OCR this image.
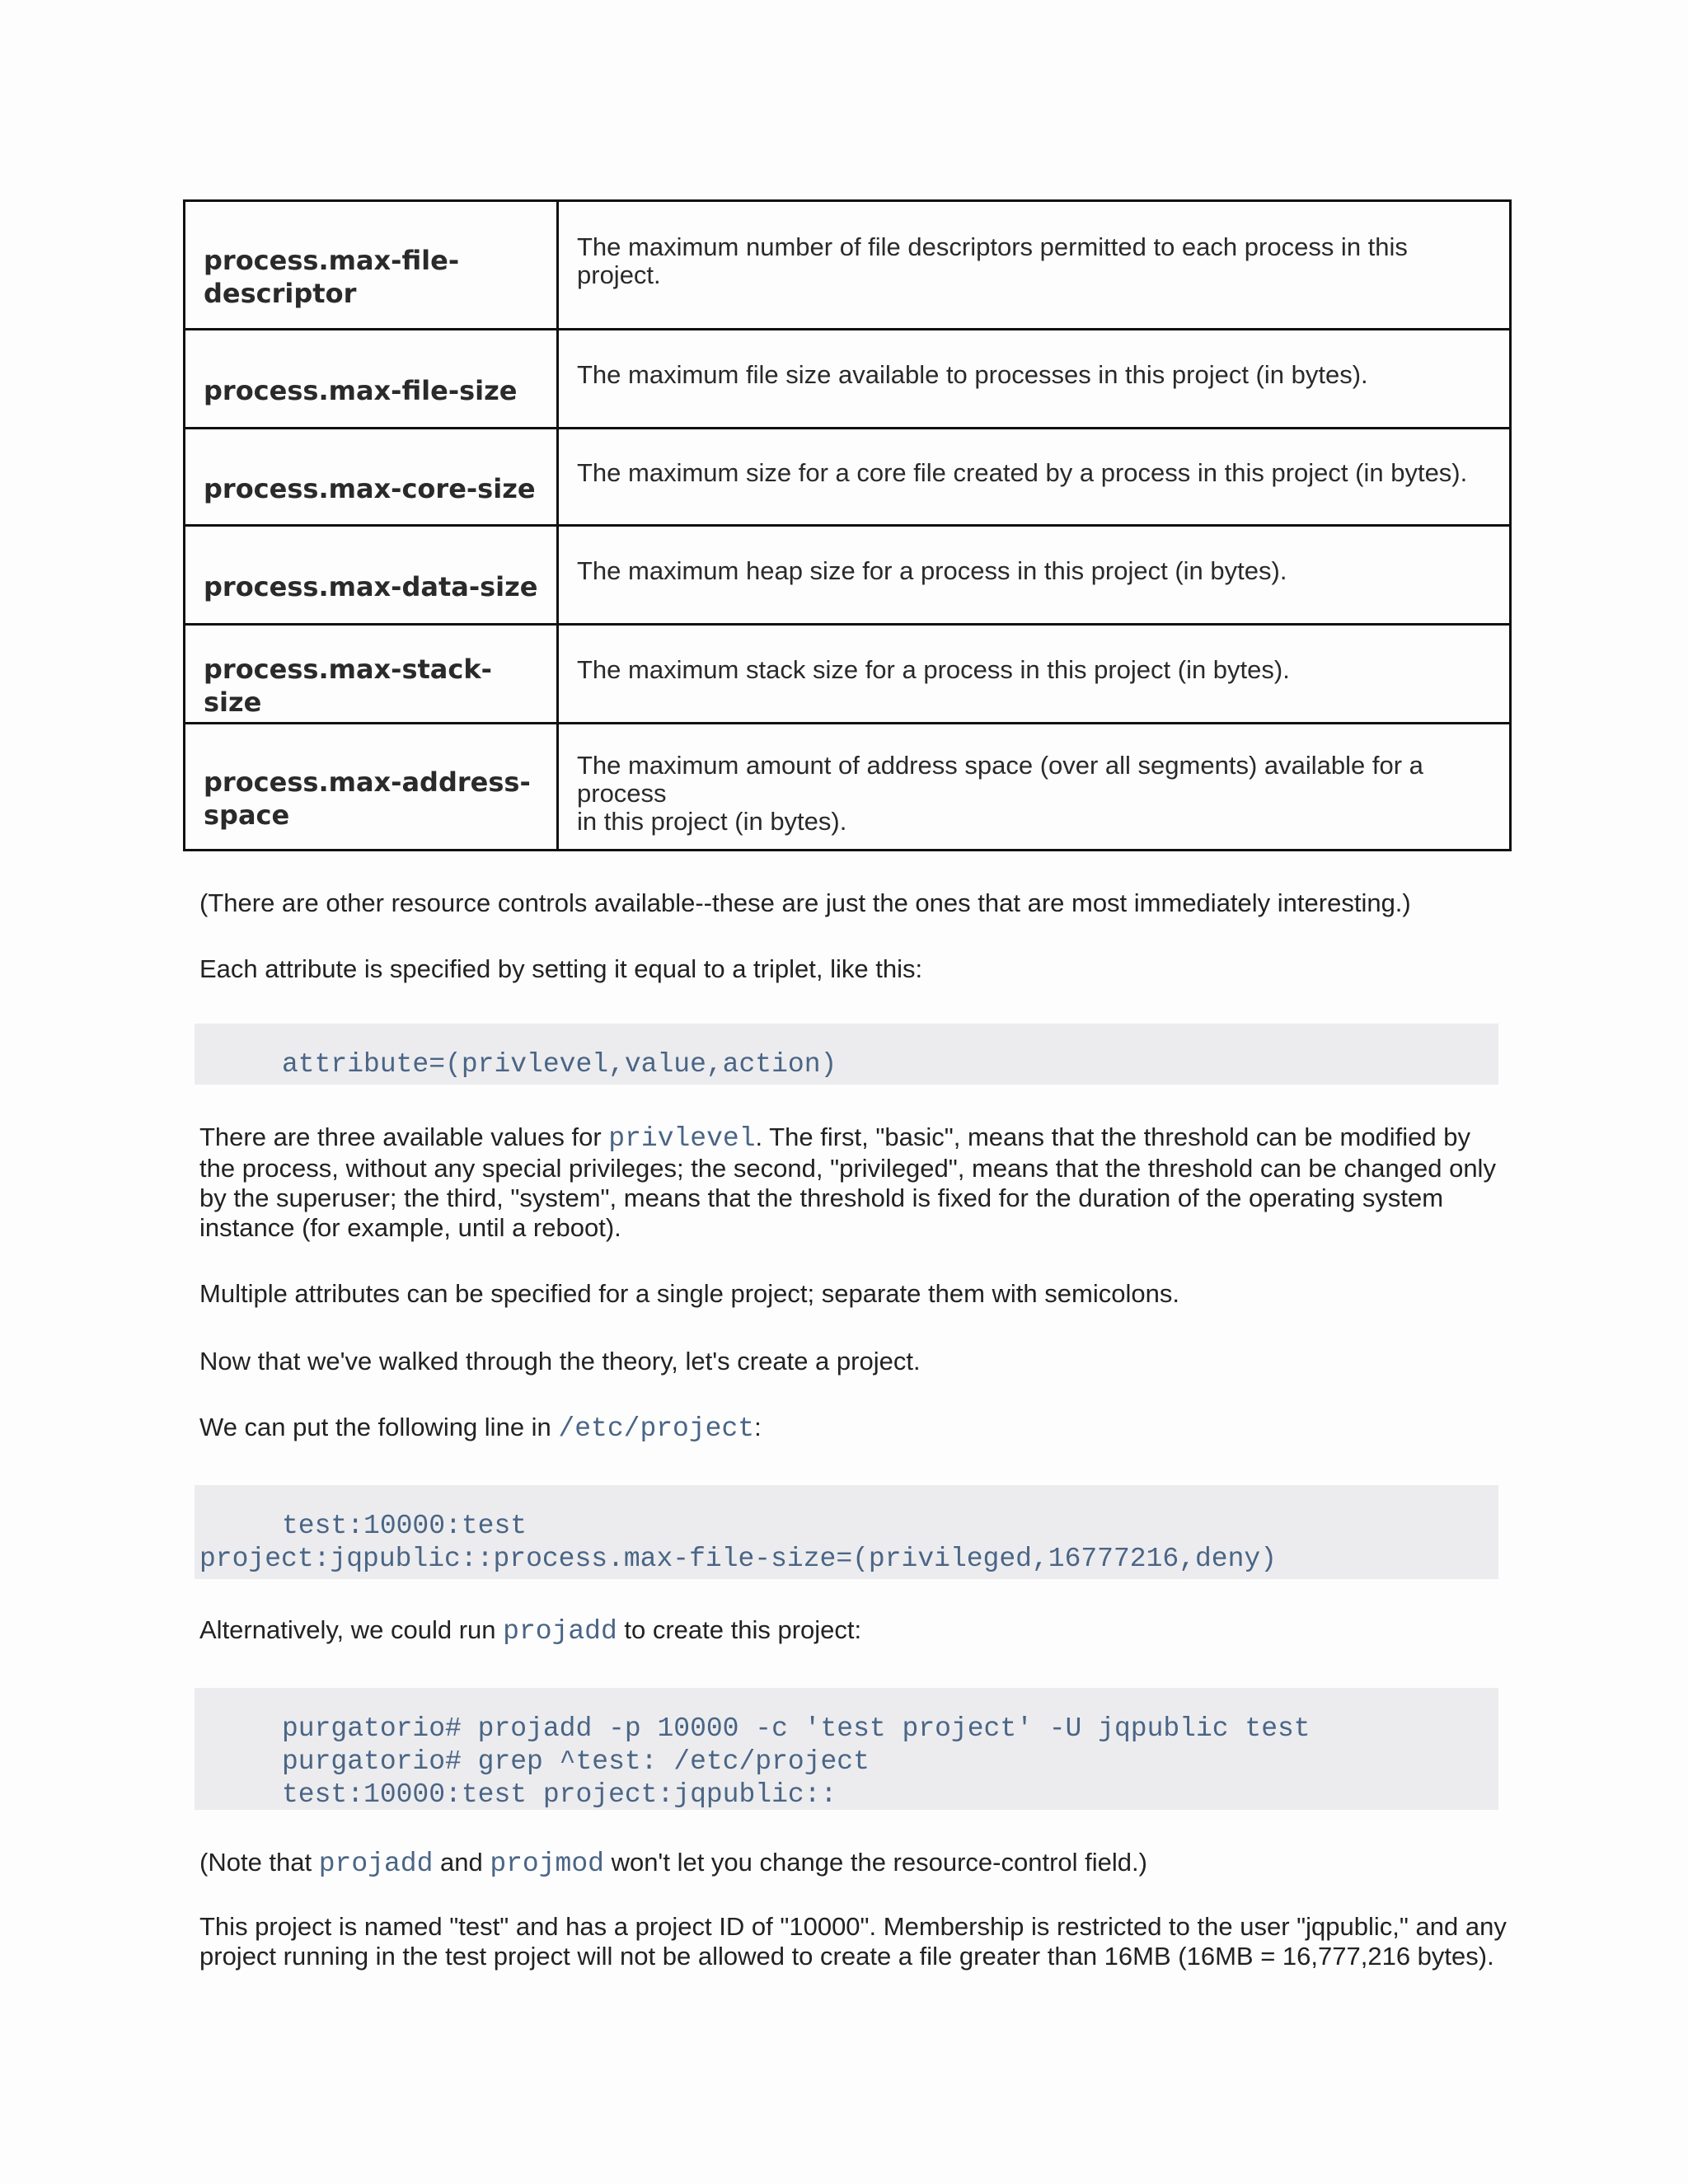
process.max-file-
descriptor	The maximum number of file descriptors permitted to each process in this project.

process.max-file-size	The maximum file size available to processes in this project (in bytes).

process.max-core-size	The maximum size for a core file created by a process in this project (in bytes).

process.max-data-size	The maximum heap size for a process in this project (in bytes).

process.max-stack-size	The maximum stack size for a process in this project (in bytes).

process.max-address-
space	The maximum amount of address space (over all segments) available for a process
in this project (in bytes).

(There are other resource controls available--these are just the ones that are most immediately interesting.)

Each attribute is specified by setting it equal to a triplet, like this:

attribute=(privlevel,value,action)

There are three available values for privlevel. The first, "basic", means that the threshold can be modified by the process, without any special privileges; the second, "privileged", means that the threshold can be changed only by the superuser; the third, "system", means that the threshold is fixed for the duration of the operating system instance (for example, until a reboot).

Multiple attributes can be specified for a single project; separate them with semicolons.

Now that we've walked through the theory, let's create a project.

We can put the following line in /etc/project:

test:10000:test
project:jqpublic::process.max-file-size=(privileged,16777216,deny)

Alternatively, we could run projadd to create this project:

purgatorio# projadd -p 10000 -c 'test project' -U jqpublic test
purgatorio# grep ^test: /etc/project
test:10000:test project:jqpublic::

(Note that projadd and projmod won't let you change the resource-control field.)

This project is named "test" and has a project ID of "10000". Membership is restricted to the user "jqpublic," and any project running in the test project will not be allowed to create a file greater than 16MB (16MB = 16,777,216 bytes).
